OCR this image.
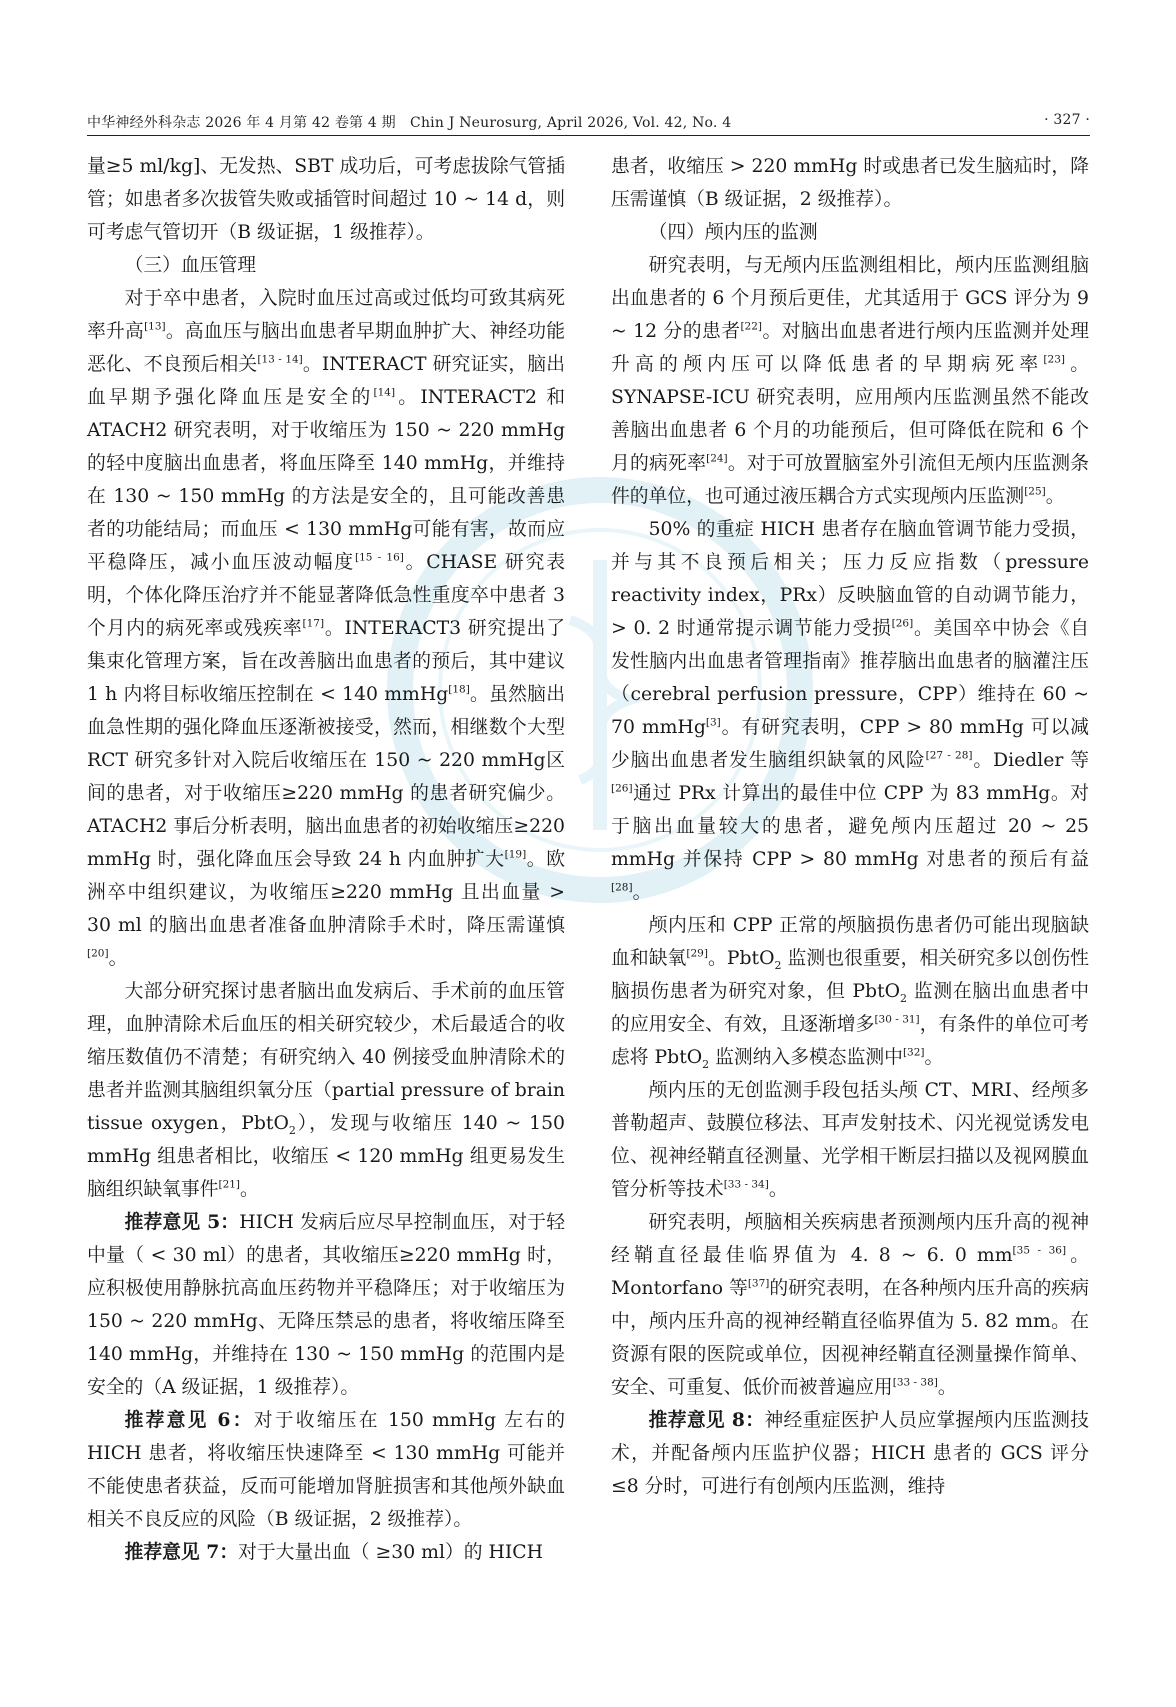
中华神经外科杂志 2026 年 4 月第 42 卷第 4 期　Chin J Neurosurg, April 2026, Vol. 42, No. 4	· 327 ·

量≥5 ml/kg]、无发热、SBT 成功后，可考虑拔除气管插管；如患者多次拔管失败或插管时间超过 10 ~ 14 d，则可考虑气管切开（B 级证据，1 级推荐）。

（三）血压管理

对于卒中患者，入院时血压过高或过低均可致其病死率升高[13]。高血压与脑出血患者早期血肿扩大、神经功能恶化、不良预后相关[13 - 14]。INTERACT 研究证实，脑出血早期予强化降血压是安全的[14]。INTERACT2 和 ATACH2 研究表明，对于收缩压为 150 ~ 220 mmHg 的轻中度脑出血患者，将血压降至 140 mmHg，并维持在 130 ~ 150 mmHg 的方法是安全的，且可能改善患者的功能结局；而血压 < 130 mmHg可能有害，故而应平稳降压，减小血压波动幅度[15 - 16]。CHASE 研究表明，个体化降压治疗并不能显著降低急性重度卒中患者 3 个月内的病死率或残疾率[17]。INTERACT3 研究提出了集束化管理方案，旨在改善脑出血患者的预后，其中建议 1 h 内将目标收缩压控制在 < 140 mmHg[18]。虽然脑出血急性期的强化降血压逐渐被接受，然而，相继数个大型 RCT 研究多针对入院后收缩压在 150 ~ 220 mmHg区间的患者，对于收缩压≥220 mmHg 的患者研究偏少。ATACH2 事后分析表明，脑出血患者的初始收缩压≥220 mmHg 时，强化降血压会导致 24 h 内血肿扩大[19]。欧洲卒中组织建议，为收缩压≥220 mmHg 且出血量 > 30 ml 的脑出血患者准备血肿清除手术时，降压需谨慎[20]。

大部分研究探讨患者脑出血发病后、手术前的血压管理，血肿清除术后血压的相关研究较少，术后最适合的收缩压数值仍不清楚；有研究纳入 40 例接受血肿清除术的患者并监测其脑组织氧分压（partial pressure of brain tissue oxygen，PbtO$_2$），发现与收缩压 140 ~ 150 mmHg 组患者相比，收缩压 < 120 mmHg 组更易发生脑组织缺氧事件[21]。

推荐意见 5：HICH 发病后应尽早控制血压，对于轻中量（ < 30 ml）的患者，其收缩压≥220 mmHg 时，应积极使用静脉抗高血压药物并平稳降压；对于收缩压为 150 ~ 220 mmHg、无降压禁忌的患者，将收缩压降至 140 mmHg，并维持在 130 ~ 150 mmHg 的范围内是安全的（A 级证据，1 级推荐）。

推荐意见 6：对于收缩压在 150 mmHg 左右的 HICH 患者，将收缩压快速降至 < 130 mmHg 可能并不能使患者获益，反而可能增加肾脏损害和其他颅外缺血相关不良反应的风险（B 级证据，2 级推荐）。

推荐意见 7：对于大量出血（ ≥30 ml）的 HICH

患者，收缩压 > 220 mmHg 时或患者已发生脑疝时，降压需谨慎（B 级证据，2 级推荐）。

（四）颅内压的监测

研究表明，与无颅内压监测组相比，颅内压监测组脑出血患者的 6 个月预后更佳，尤其适用于 GCS 评分为 9 ~ 12 分的患者[22]。对脑出血患者进行颅内压监测并处理升高的颅内压可以降低患者的早期病死率[23]。SYNAPSE-ICU 研究表明，应用颅内压监测虽然不能改善脑出血患者 6 个月的功能预后，但可降低在院和 6 个月的病死率[24]。对于可放置脑室外引流但无颅内压监测条件的单位，也可通过液压耦合方式实现颅内压监测[25]。

50% 的重症 HICH 患者存在脑血管调节能力受损，并与其不良预后相关；压力反应指数（pressure reactivity index，PRx）反映脑血管的自动调节能力，> 0. 2 时通常提示调节能力受损[26]。美国卒中协会《自发性脑内出血患者管理指南》推荐脑出血患者的脑灌注压（cerebral perfusion pressure，CPP）维持在 60 ~ 70 mmHg[3]。有研究表明，CPP > 80 mmHg 可以减少脑出血患者发生脑组织缺氧的风险[27 - 28]。Diedler 等[26]通过 PRx 计算出的最佳中位 CPP 为 83 mmHg。对于脑出血量较大的患者，避免颅内压超过 20 ~ 25 mmHg 并保持 CPP > 80 mmHg 对患者的预后有益[28]。

颅内压和 CPP 正常的颅脑损伤患者仍可能出现脑缺血和缺氧[29]。PbtO$_2$ 监测也很重要，相关研究多以创伤性脑损伤患者为研究对象，但 PbtO$_2$ 监测在脑出血患者中的应用安全、有效，且逐渐增多[30 - 31]，有条件的单位可考虑将 PbtO$_2$ 监测纳入多模态监测中[32]。

颅内压的无创监测手段包括头颅 CT、MRI、经颅多普勒超声、鼓膜位移法、耳声发射技术、闪光视觉诱发电位、视神经鞘直径测量、光学相干断层扫描以及视网膜血管分析等技术[33 - 34]。

研究表明，颅脑相关疾病患者预测颅内压升高的视神经鞘直径最佳临界值为 4. 8 ~ 6. 0 mm[35 - 36]。Montorfano 等[37]的研究表明，在各种颅内压升高的疾病中，颅内压升高的视神经鞘直径临界值为 5. 82 mm。在资源有限的医院或单位，因视神经鞘直径测量操作简单、安全、可重复、低价而被普遍应用[33 - 38]。

推荐意见 8：神经重症医护人员应掌握颅内压监测技术，并配备颅内压监护仪器；HICH 患者的 GCS 评分≤8 分时，可进行有创颅内压监测，维持
